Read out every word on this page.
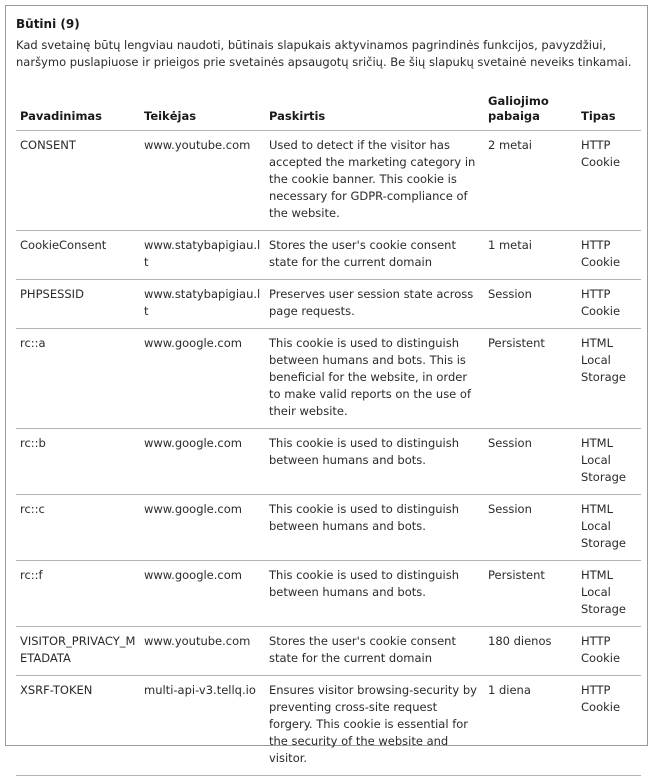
Būtini (9)
Kad svetainę būtų lengviau naudoti, būtinais slapukais aktyvinamos pagrindinės funkcijos, pavyzdžiui, naršymo puslapiuose ir prieigos prie svetainės apsaugotų sričių. Be šių slapukų svetainė neveiks tinkamai.
Pavadinimas	Teikėjas	Paskirtis	Galiojimo pabaiga	Tipas
CONSENT	www.youtube.com	Used to detect if the visitor has accepted the marketing category in the cookie banner. This cookie is necessary for GDPR-compliance of the website.	2 metai	HTTP Cookie
CookieConsent	www.statybapigiau.lt	Stores the user's cookie consent state for the current domain	1 metai	HTTP Cookie
PHPSESSID	www.statybapigiau.lt	Preserves user session state across page requests.	Session	HTTP Cookie
rc::a	www.google.com	This cookie is used to distinguish between humans and bots. This is beneficial for the website, in order to make valid reports on the use of their website.	Persistent	HTML Local Storage
rc::b	www.google.com	This cookie is used to distinguish between humans and bots.	Session	HTML Local Storage
rc::c	www.google.com	This cookie is used to distinguish between humans and bots.	Session	HTML Local Storage
rc::f	www.google.com	This cookie is used to distinguish between humans and bots.	Persistent	HTML Local Storage
VISITOR_PRIVACY_METADATA	www.youtube.com	Stores the user's cookie consent state for the current domain	180 dienos	HTTP Cookie
XSRF-TOKEN	multi-api-v3.tellq.io	Ensures visitor browsing-security by preventing cross-site request forgery. This cookie is essential for the security of the website and visitor.	1 diena	HTTP Cookie
